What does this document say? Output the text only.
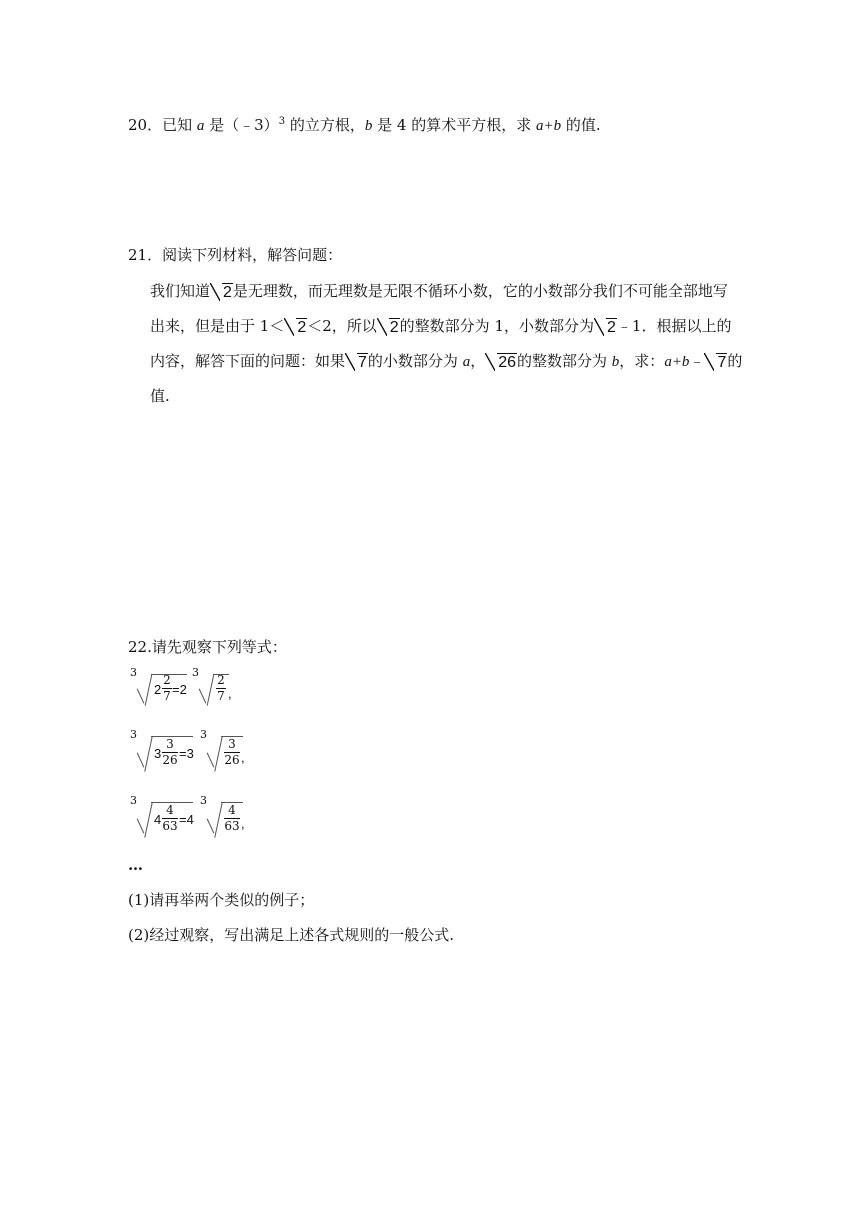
20．已知 a 是（﹣3）$^3$ 的立方根，b 是 4 的算术平方根，求 a+b 的值.
21．阅读下列材料，解答问题：
我们知道 2是无理数，而无理数是无限不循环小数，它的小数部分我们不可能全部地写
出来，但是由于 1＜ 2＜2，所以 2的整数部分为 1，小数部分为 2﹣1．根据以上的
内容，解答下面的问题：如果 7的小数部分为 a， 26的整数部分为 b，求：a+b﹣ 7的
值.
22.请先观察下列等式：
3
2
2
7 =2
3
2
7 ,
3
3
3
26 =3
3
3
26 ,
3
4
4
63 =4
3
4
63 ,
…
(1)请再举两个类似的例子；
(2)经过观察，写出满足上述各式规则的一般公式.
